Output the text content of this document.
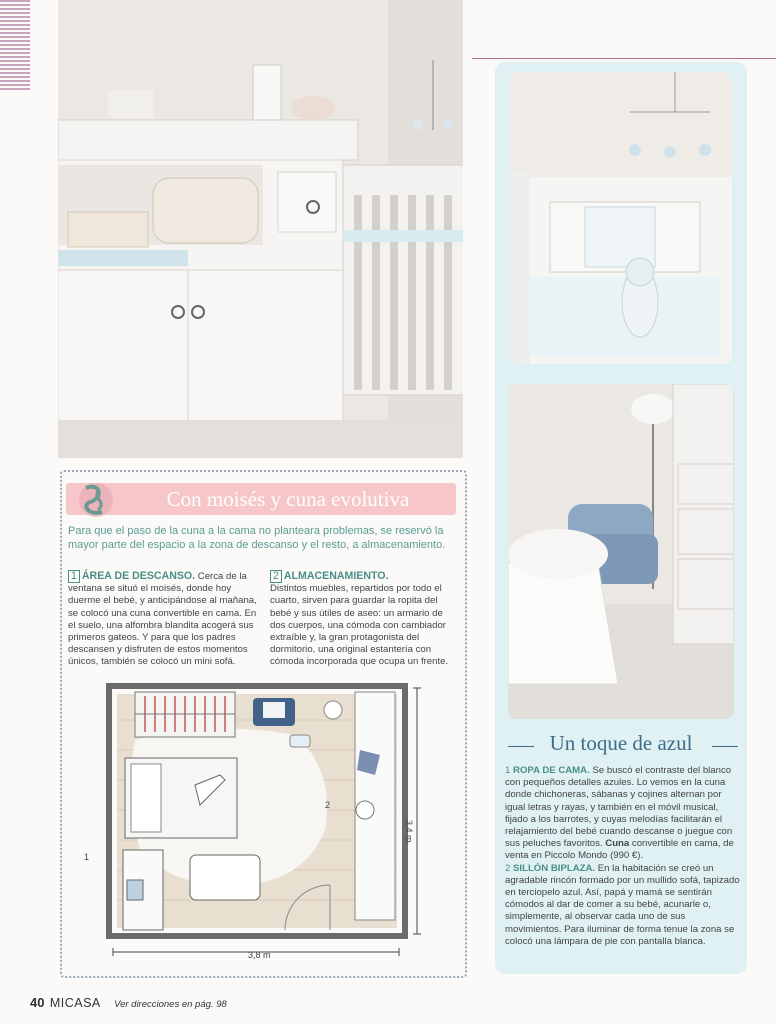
Con moisés y cuna evolutiva
Para que el paso de la cuna a la cama no plantearа problemas, se reservó la mayor parte del espacio a la zona de descanso y el resto, a almacenamiento.
1 ÁREA DE DESCANSO. Cerca de la ventana se situó el moisés, donde hoy duerme el bebé, y anticipándose al mañana, se colocó una cuna convertible en cama. En el suelo, una alfombra blandita acogerá sus primeros gateos. Y para que los padres descansen y disfruten de estos momentos únicos, también se colocó un mini sofá.
2 ALMACENAMIENTO.
Distintos muebles, repartidos por todo el cuarto, sirven para guardar la ropita del bebé y sus útiles de aseo: un armario de dos cuerpos, una cómoda con cambiador extraíble y, la gran protagonista del dormitorio, una original estantería con cómoda incorporada que ocupa un frente.
1
2
3,8 m
3,4 m
Un toque de azul

1 ROPA DE CAMA. Se buscó el contraste del blanco con pequeños detalles azules. Lo vemos en la cuna donde chichoneras, sábanas y cojines alternan por igual letras y rayas, y también en el móvil musical, fijado a los barrotes, y cuyas melodías facilitarán el relajamiento del bebé cuando descanse o juegue con sus peluches favoritos. Cuna convertible en cama, de venta en Piccolo Mondo (990 €).

2 SILLÓN BIPLAZA. En la habitación se creó un agradable rincón formado por un mullido sofá, tapizado en terciopelo azul. Así, papá y mamá se sentirán cómodos al dar de comer a su bebé, acunarle o, simplemente, al observar cada uno de sus movimientos. Para iluminar de forma tenue la zona se colocó una lámpara de pie con pantalla blanca.

40 MICASA Ver direcciones en pág. 98
